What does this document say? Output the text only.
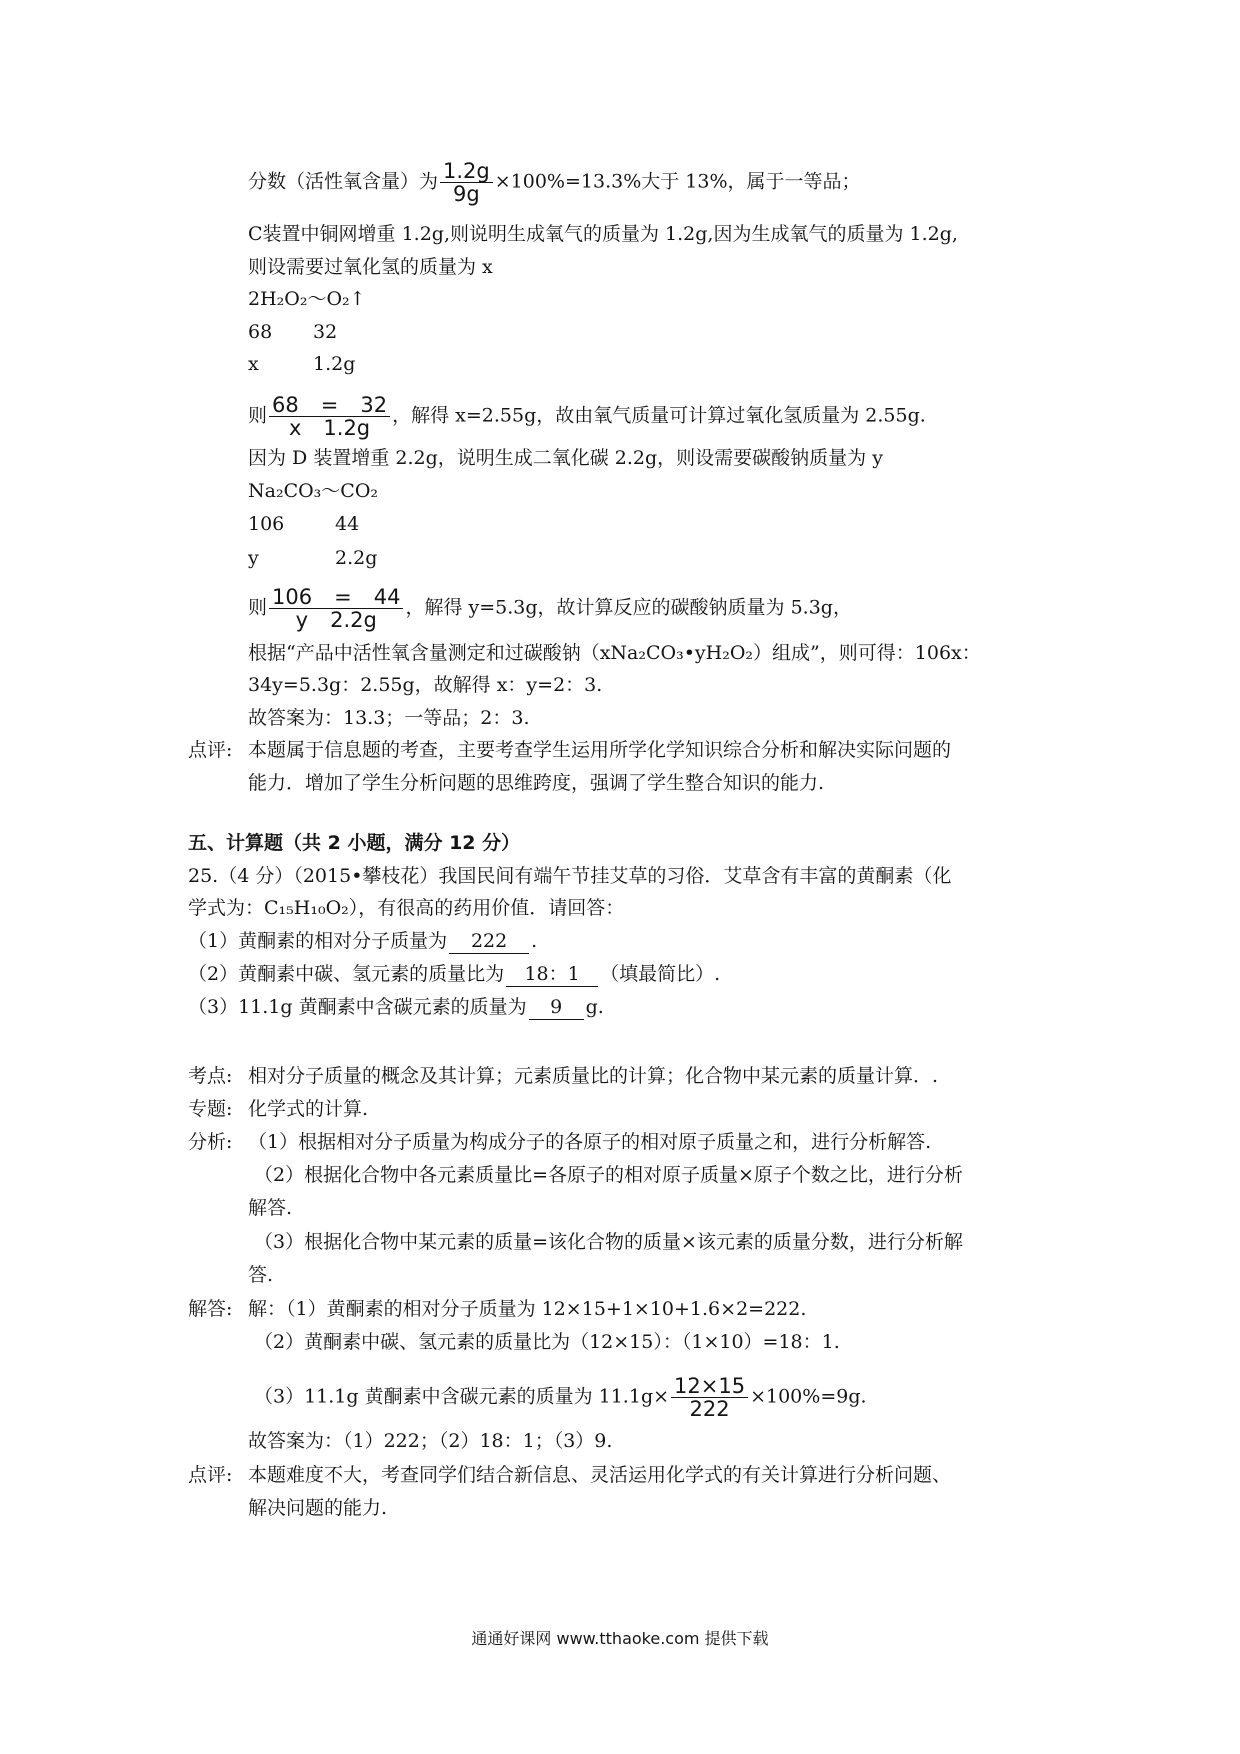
分数（活性氧含量）为 $\frac{1.2g}{9g} \times 100\%=13.3\%$大于 13%，属于一等品；
C装置中铜网增重 1.2g,则说明生成氧气的质量为 1.2g,因为生成氧气的质量为 1.2g,
则设需要过氧化氢的质量为 x
2H₂O₂～O₂↑
68 32
x	1.2g
则 $\frac{68 = 32}{x 1.2g}$ ，解得 x=2.55g，故由氧气质量可计算过氧化氢质量为 2.55g.
因为 D 装置增重 2.2g，说明生成二氧化碳 2.2g，则设需要碳酸钠质量为 y
Na₂CO₃～CO₂
106	44
y	2.2g
则 $\frac{106 = 44}{y 2.2g}$ ，解得 y=5.3g，故计算反应的碳酸钠质量为 5.3g，
根据“产品中活性氧含量测定和过碳酸钠（xNa₂CO₃•yH₂O₂）组成”，则可得：106x：
34y=5.3g：2.55g，故解得 x：y=2：3.
故答案为：13.3；一等品；2：3.
点评: 本题属于信息题的考查，主要考查学生运用所学化学知识综合分析和解决实际问题的
能力．增加了学生分析问题的思维跨度，强调了学生整合知识的能力.
五、计算题（共 2 小题，满分 12 分）
25.（4 分）（2015•攀枝花）我国民间有端午节挂艾草的习俗．艾草含有丰富的黄酮素（化
学式为：C₁₅H₁₀O₂），有很高的药用价值．请回答：
（1）黄酮素的相对分子质量为 222 .
（2）黄酮素中碳、氢元素的质量比为 18：1 （填最简比）.
（3）11.1g 黄酮素中含碳元素的质量为 9 g.
考点: 相对分子质量的概念及其计算；元素质量比的计算；化合物中某元素的质量计算．.
专题: 化学式的计算.
分析: （1）根据相对分子质量为构成分子的各原子的相对原子质量之和，进行分析解答.
（2）根据化合物中各元素质量比=各原子的相对原子质量×原子个数之比，进行分析
解答.
（3）根据化合物中某元素的质量=该化合物的质量×该元素的质量分数，进行分析解
答.
解答: 解：（1）黄酮素的相对分子质量为 12×15+1×10+1.6×2=222.
（2）黄酮素中碳、氢元素的质量比为（12×15）：（1×10）=18：1.
（3）11.1g 黄酮素中含碳元素的质量为 $11.1g\times \frac{12\times 15}{222} \times 100\%=9g$.
故答案为：（1）222；（2）18：1；（3）9.
点评: 本题难度不大，考查同学们结合新信息、灵活运用化学式的有关计算进行分析问题、
解决问题的能力.
通通好课网 www.tthaoke.com 提供下载
